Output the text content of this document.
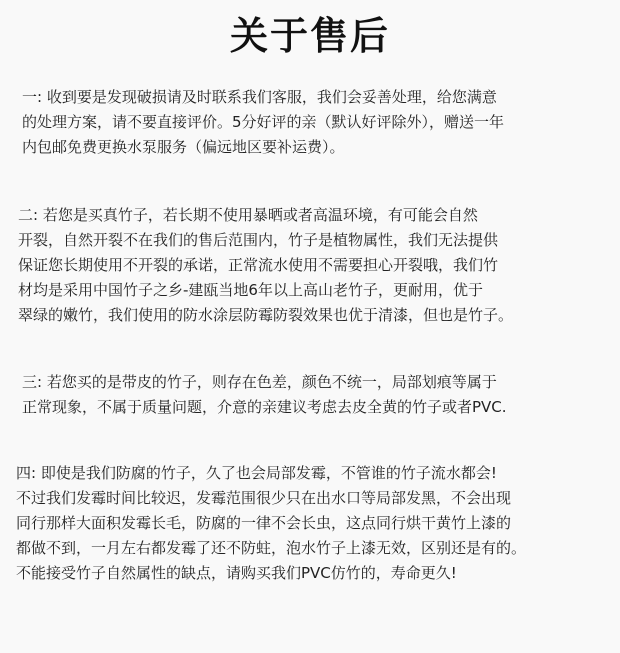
关于售后
一: 收到要是发现破损请及时联系我们客服，我们会妥善处理，给您满意
的处理方案，请不要直接评价。5分好评的亲（默认好评除外），赠送一年
内包邮免费更换水泵服务（偏远地区要补运费）。
二: 若您是买真竹子，若长期不使用暴晒或者高温环境，有可能会自然
开裂，自然开裂不在我们的售后范围内，竹子是植物属性，我们无法提供
保证您长期使用不开裂的承诺，正常流水使用不需要担心开裂哦，我们竹
材均是采用中国竹子之乡-建瓯当地6年以上高山老竹子，更耐用，优于
翠绿的嫩竹，我们使用的防水涂层防霉防裂效果也优于清漆，但也是竹子。
三: 若您买的是带皮的竹子，则存在色差，颜色不统一，局部划痕等属于
正常现象，不属于质量问题，介意的亲建议考虑去皮全黄的竹子或者PVC.
四: 即使是我们防腐的竹子，久了也会局部发霉，不管谁的竹子流水都会!
不过我们发霉时间比较迟，发霉范围很少只在出水口等局部发黑，不会出现
同行那样大面积发霉长毛，防腐的一律不会长虫，这点同行烘干黄竹上漆的
都做不到，一月左右都发霉了还不防蛀，泡水竹子上漆无效，区别还是有的。
不能接受竹子自然属性的缺点，请购买我们PVC仿竹的，寿命更久!
